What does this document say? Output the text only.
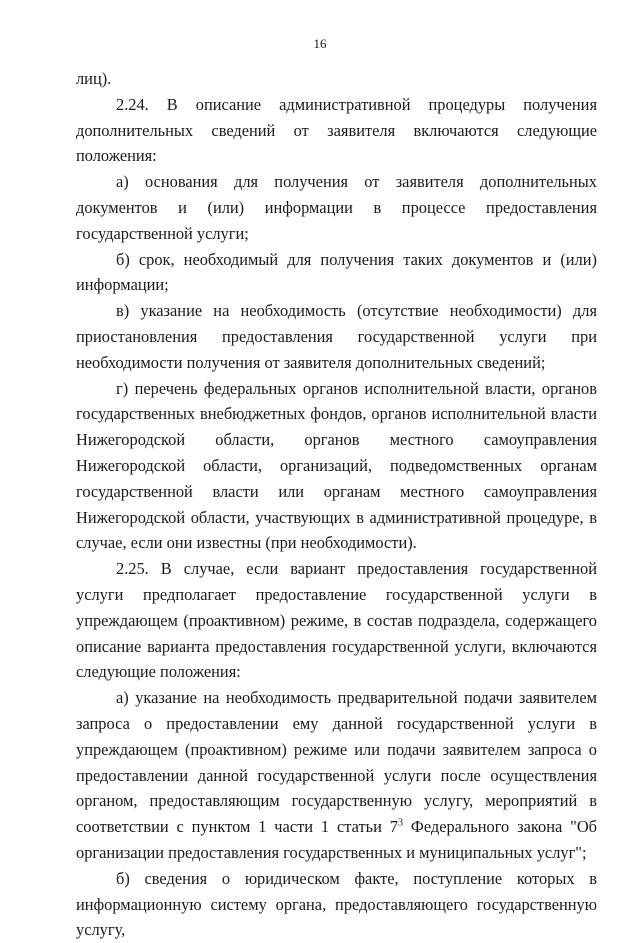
16

лиц).

2.24. В описание административной процедуры получения дополнительных сведений от заявителя включаются следующие положения:

а) основания для получения от заявителя дополнительных документов и (или) информации в процессе предоставления государственной услуги;

б) срок, необходимый для получения таких документов и (или) информации;

в) указание на необходимость (отсутствие необходимости) для приостановления предоставления государственной услуги при необходимости получения от заявителя дополнительных сведений;

г) перечень федеральных органов исполнительной власти, органов государственных внебюджетных фондов, органов исполнительной власти Нижегородской области, органов местного самоуправления Нижегородской области, организаций, подведомственных органам государственной власти или органам местного самоуправления Нижегородской области, участвующих в административной процедуре, в случае, если они известны (при необходимости).

2.25. В случае, если вариант предоставления государственной услуги предполагает предоставление государственной услуги в упреждающем (проактивном) режиме, в состав подраздела, содержащего описание варианта предоставления государственной услуги, включаются следующие положения:

а) указание на необходимость предварительной подачи заявителем запроса о предоставлении ему данной государственной услуги в упреждающем (проактивном) режиме или подачи заявителем запроса о предоставлении данной государственной услуги после осуществления органом, предоставляющим государственную услугу, мероприятий в соответствии с пунктом 1 части 1 статьи $7^3$ Федерального закона "Об организации предоставления государственных и муниципальных услуг";

б) сведения о юридическом факте, поступление которых в информационную систему органа, предоставляющего государственную услугу,
